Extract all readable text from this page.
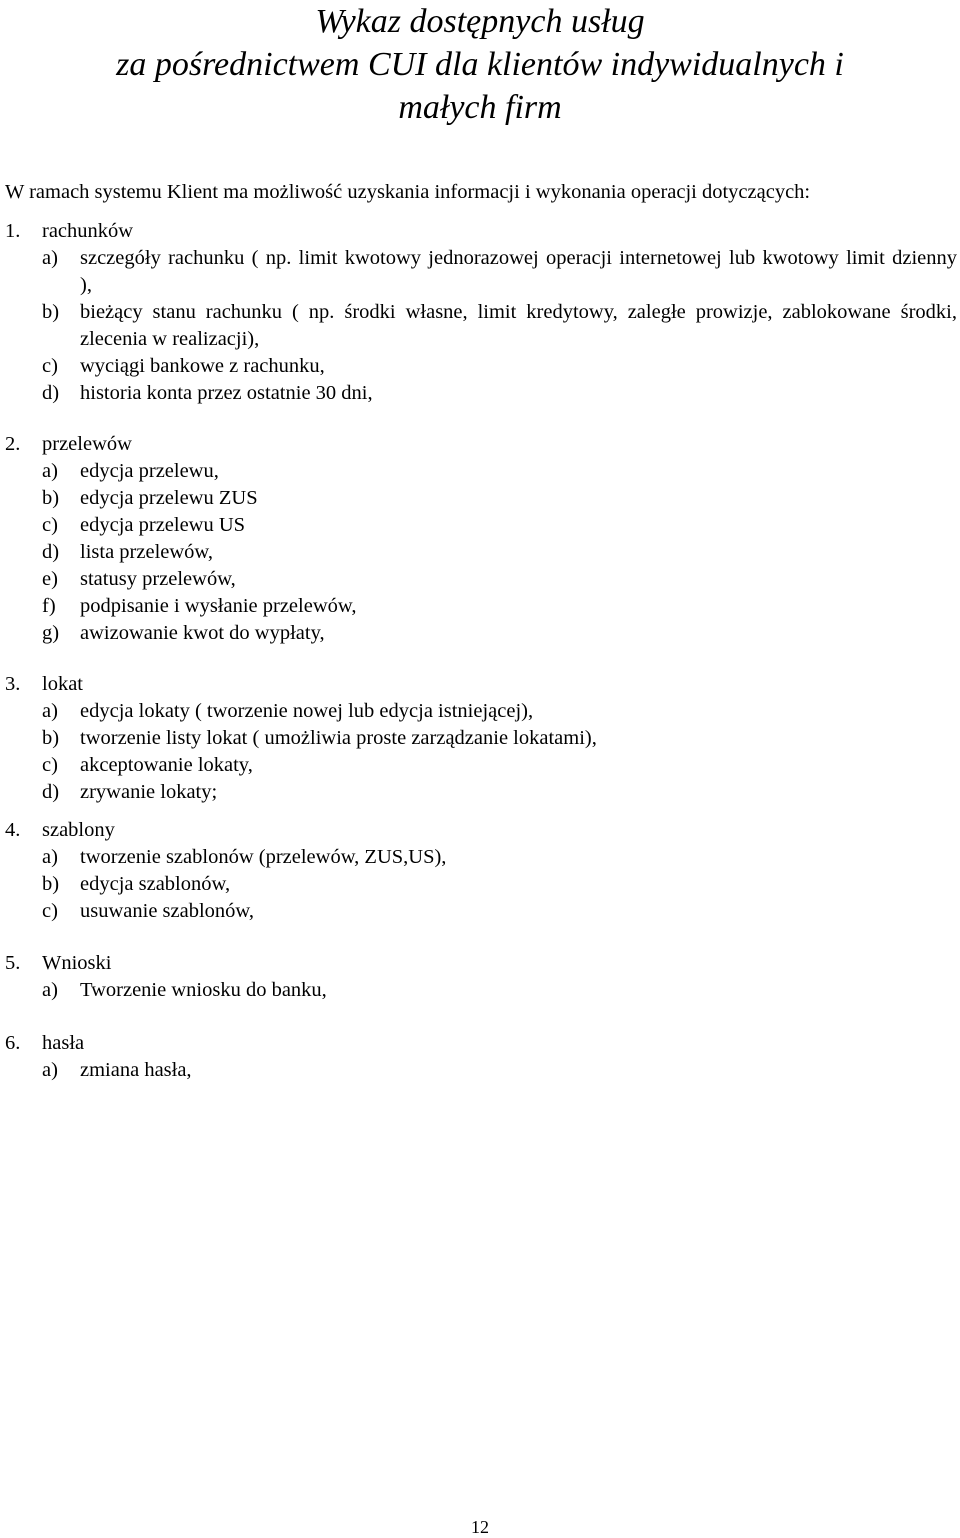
Wykaz dostępnych usług
za pośrednictwem CUI dla klientów indywidualnych i
małych firm
W ramach systemu Klient ma możliwość uzyskania informacji i wykonania operacji dotyczących:
1. rachunków
a) szczegóły rachunku ( np. limit kwotowy jednorazowej operacji internetowej lub kwotowy limit dzienny ),
b) bieżący stanu rachunku ( np. środki własne, limit kredytowy, zaległe prowizje, zablokowane środki, zlecenia w realizacji),
c) wyciągi bankowe z rachunku,
d) historia konta przez ostatnie 30 dni,
2. przelewów
a) edycja przelewu,
b) edycja przelewu ZUS
c) edycja przelewu US
d) lista przelewów,
e) statusy przelewów,
f) podpisanie i wysłanie przelewów,
g) awizowanie kwot do wypłaty,
3. lokat
a) edycja lokaty ( tworzenie nowej lub edycja istniejącej),
b) tworzenie listy lokat ( umożliwia proste zarządzanie lokatami),
c) akceptowanie lokaty,
d) zrywanie lokaty;
4. szablony
a) tworzenie szablonów (przelewów, ZUS,US),
b) edycja szablonów,
c) usuwanie szablonów,
5. Wnioski
a) Tworzenie wniosku do banku,
6. hasła
a) zmiana hasła,
12
